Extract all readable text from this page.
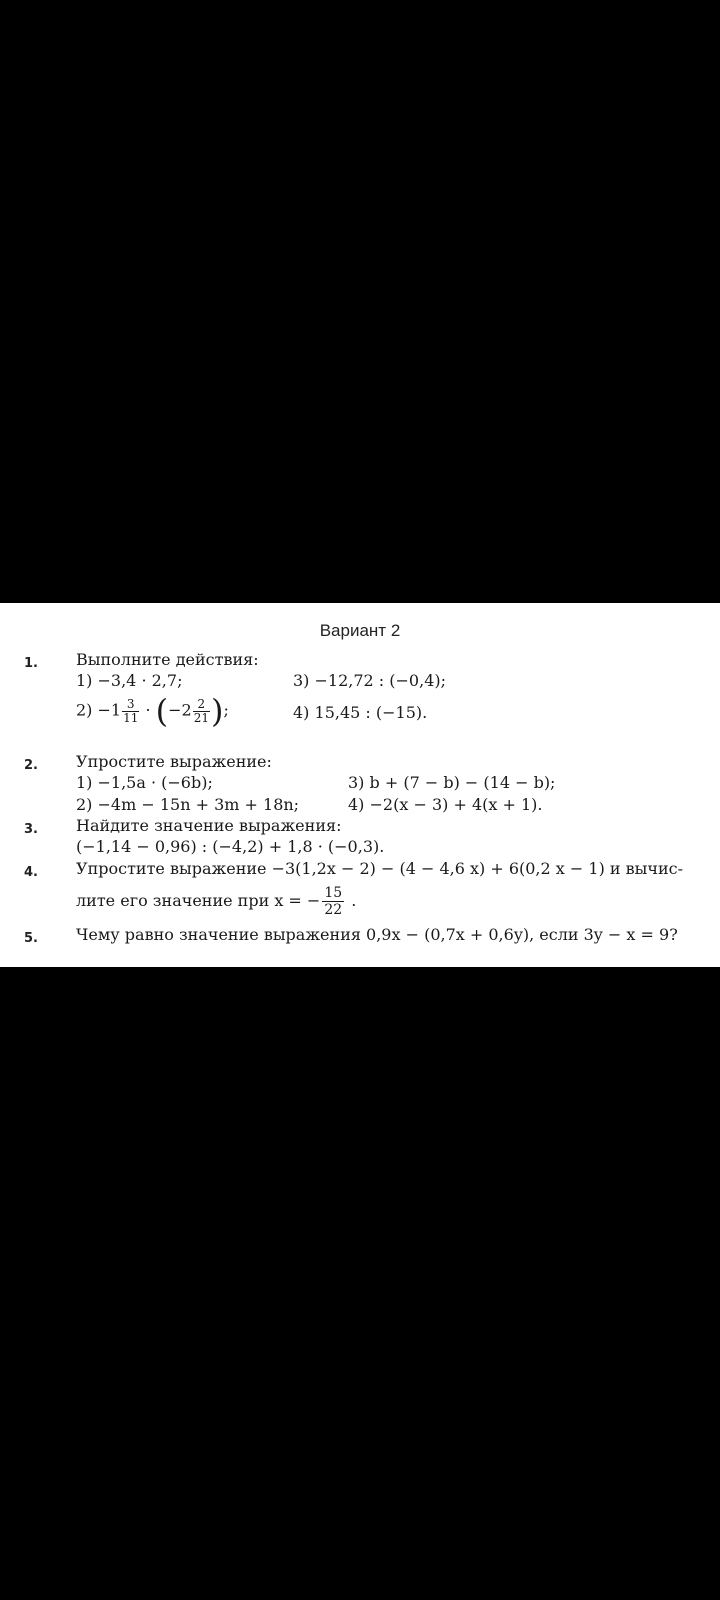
Вариант 2
1. Выполните действия:
1) −3,4 · 2,7;	3) −12,72 : (−0,4);
$2) -1 \frac{3}{11} \cdot (-2 \frac{2}{21}$ );	4) 15,45 : (−15).
2. Упростите выражение:
1) −1,5a · (−6b);	3) b + (7 − b) − (14 − b);
2) −4m − 15n + 3m + 18n;	4) −2(x − 3) + 4(x + 1).
3. Найдите значение выражения:
(−1,14 − 0,96) : (−4,2) + 1,8 · (−0,3).
4. Упростите выражение −3(1,2x − 2) − (4 − 4,6 x) + 6(0,2 x − 1) и вычис-
лите его значение при x = − $\frac{15}{22}$ .
5. Чему равно значение выражения 0,9x − (0,7x + 0,6y), если 3y − x = 9?
